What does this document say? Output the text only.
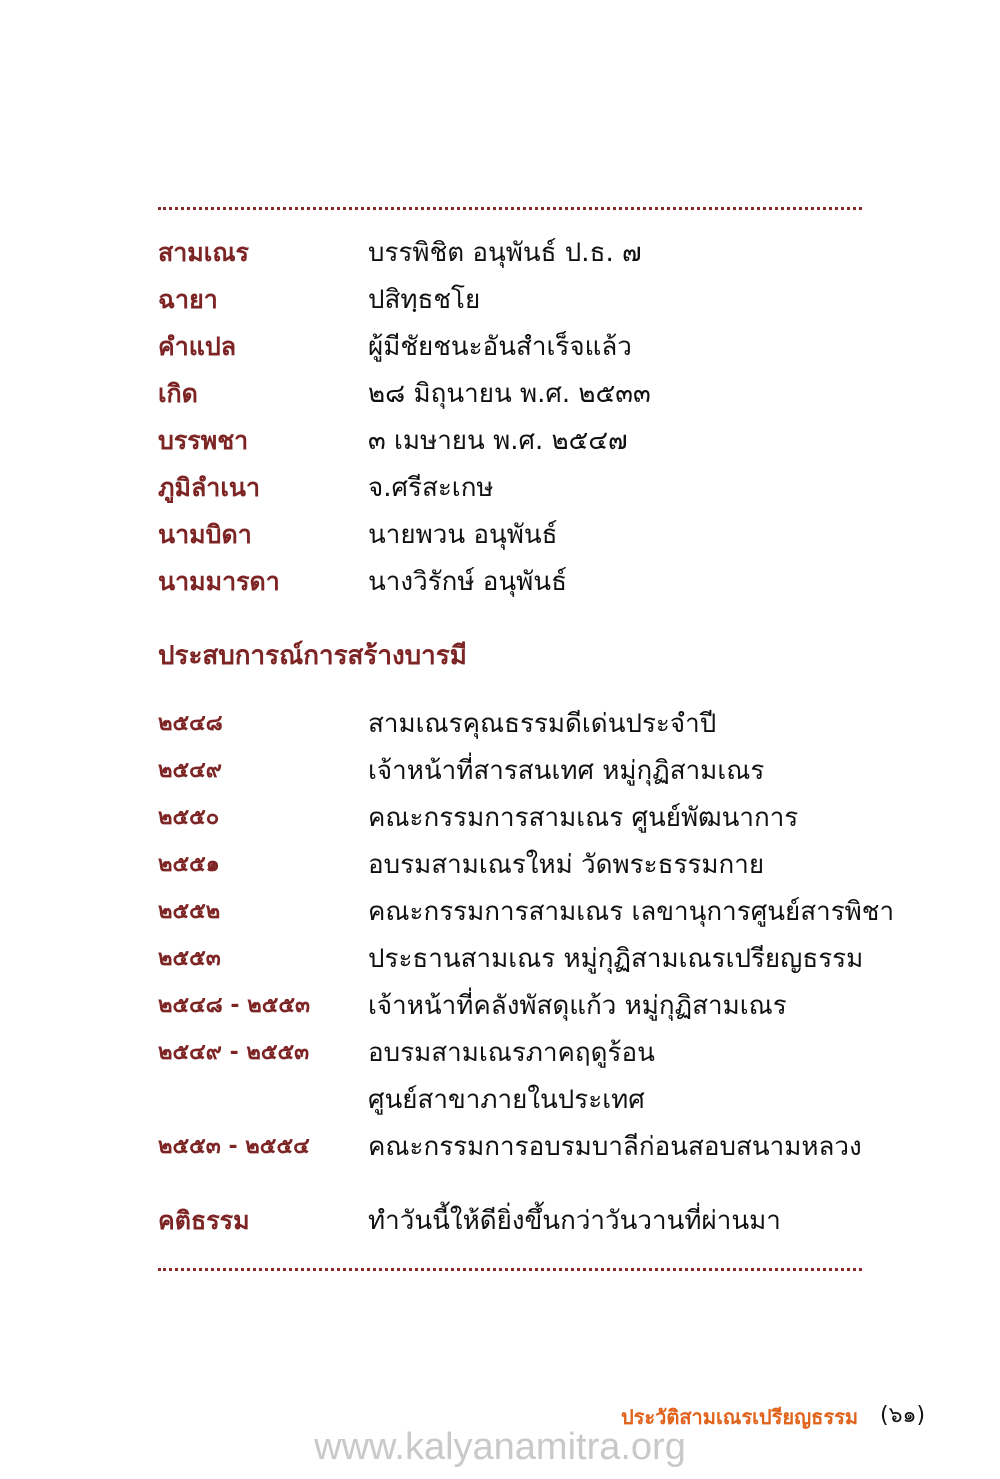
สามเณร	บรรพิชิต อนุพันธ์ ป.ธ. ๗
ฉายา	ปสิทฺธชโย
คำแปล	ผู้มีชัยชนะอันสำเร็จแล้ว
เกิด	๒๘ มิถุนายน พ.ศ. ๒๕๓๓
บรรพชา	๓ เมษายน พ.ศ. ๒๕๔๗
ภูมิลำเนา	จ.ศรีสะเกษ
นามบิดา	นายพวน อนุพันธ์
นามมารดา	นางวิรักษ์ อนุพันธ์
ประสบการณ์การสร้างบารมี
๒๕๔๘	สามเณรคุณธรรมดีเด่นประจำปี
๒๕๔๙	เจ้าหน้าที่สารสนเทศ หมู่กุฏิสามเณร
๒๕๕๐	คณะกรรมการสามเณร ศูนย์พัฒนาการ
๒๕๕๑	อบรมสามเณรใหม่ วัดพระธรรมกาย
๒๕๕๒	คณะกรรมการสามเณร เลขานุการศูนย์สารพิชา
๒๕๕๓	ประธานสามเณร หมู่กุฏิสามเณรเปรียญธรรม
๒๕๔๘ - ๒๕๕๓ เจ้าหน้าที่คลังพัสดุแก้ว หมู่กุฏิสามเณร
๒๕๔๙ - ๒๕๕๓ อบรมสามเณรภาคฤดูร้อน
ศูนย์สาขาภายในประเทศ
๒๕๕๓ - ๒๕๕๔ คณะกรรมการอบรมบาลีก่อนสอบสนามหลวง
คติธรรม	ทำวันนี้ให้ดียิ่งขึ้นกว่าวันวานที่ผ่านมา
ประวัติสามเณรเปรียญธรรม (๖๑)
www.kalyanamitra.org
